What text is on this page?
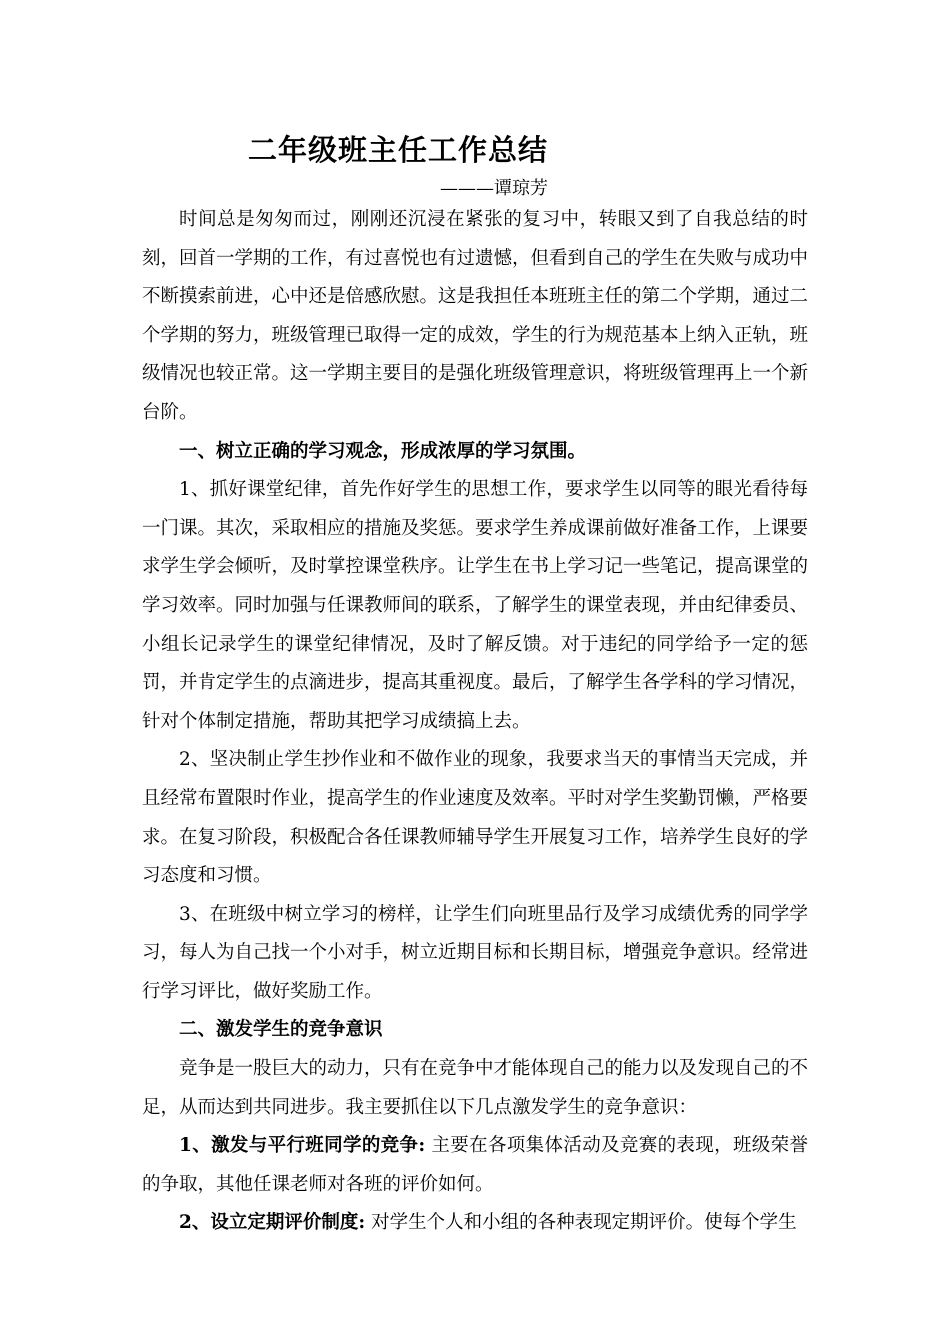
二年级班主任工作总结
———谭琼芳

时间总是匆匆而过，刚刚还沉浸在紧张的复习中，转眼又到了自我总结的时刻，回首一学期的工作，有过喜悦也有过遗憾，但看到自己的学生在失败与成功中不断摸索前进，心中还是倍感欣慰。这是我担任本班班主任的第二个学期，通过二个学期的努力，班级管理已取得一定的成效，学生的行为规范基本上纳入正轨，班级情况也较正常。这一学期主要目的是强化班级管理意识，将班级管理再上一个新台阶。

一、树立正确的学习观念，形成浓厚的学习氛围。

1、抓好课堂纪律，首先作好学生的思想工作，要求学生以同等的眼光看待每一门课。其次，采取相应的措施及奖惩。要求学生养成课前做好准备工作，上课要求学生学会倾听，及时掌控课堂秩序。让学生在书上学习记一些笔记，提高课堂的学习效率。同时加强与任课教师间的联系，了解学生的课堂表现，并由纪律委员、小组长记录学生的课堂纪律情况，及时了解反馈。对于违纪的同学给予一定的惩罚，并肯定学生的点滴进步，提高其重视度。最后，了解学生各学科的学习情况，针对个体制定措施，帮助其把学习成绩搞上去。

2、坚决制止学生抄作业和不做作业的现象，我要求当天的事情当天完成，并且经常布置限时作业，提高学生的作业速度及效率。平时对学生奖勤罚懒，严格要求。在复习阶段，积极配合各任课教师辅导学生开展复习工作，培养学生良好的学习态度和习惯。

3、在班级中树立学习的榜样，让学生们向班里品行及学习成绩优秀的同学学习，每人为自己找一个小对手，树立近期目标和长期目标，增强竞争意识。经常进行学习评比，做好奖励工作。

二、激发学生的竞争意识

竞争是一股巨大的动力，只有在竞争中才能体现自己的能力以及发现自己的不足，从而达到共同进步。我主要抓住以下几点激发学生的竞争意识：

1、激发与平行班同学的竞争: 主要在各项集体活动及竞赛的表现，班级荣誉的争取，其他任课老师对各班的评价如何。

2、设立定期评价制度: 对学生个人和小组的各种表现定期评价。使每个学生
